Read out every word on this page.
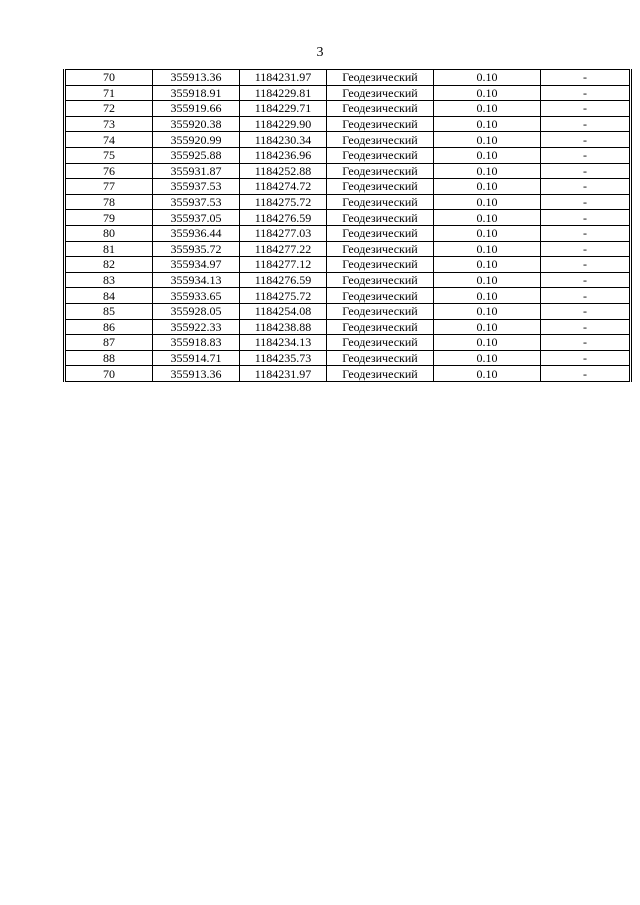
3
70	355913.36	1184231.97	Геодезический	0.10	-
71	355918.91	1184229.81	Геодезический	0.10	-
72	355919.66	1184229.71	Геодезический	0.10	-
73	355920.38	1184229.90	Геодезический	0.10	-
74	355920.99	1184230.34	Геодезический	0.10	-
75	355925.88	1184236.96	Геодезический	0.10	-
76	355931.87	1184252.88	Геодезический	0.10	-
77	355937.53	1184274.72	Геодезический	0.10	-
78	355937.53	1184275.72	Геодезический	0.10	-
79	355937.05	1184276.59	Геодезический	0.10	-
80	355936.44	1184277.03	Геодезический	0.10	-
81	355935.72	1184277.22	Геодезический	0.10	-
82	355934.97	1184277.12	Геодезический	0.10	-
83	355934.13	1184276.59	Геодезический	0.10	-
84	355933.65	1184275.72	Геодезический	0.10	-
85	355928.05	1184254.08	Геодезический	0.10	-
86	355922.33	1184238.88	Геодезический	0.10	-
87	355918.83	1184234.13	Геодезический	0.10	-
88	355914.71	1184235.73	Геодезический	0.10	-
70	355913.36	1184231.97	Геодезический	0.10	-
